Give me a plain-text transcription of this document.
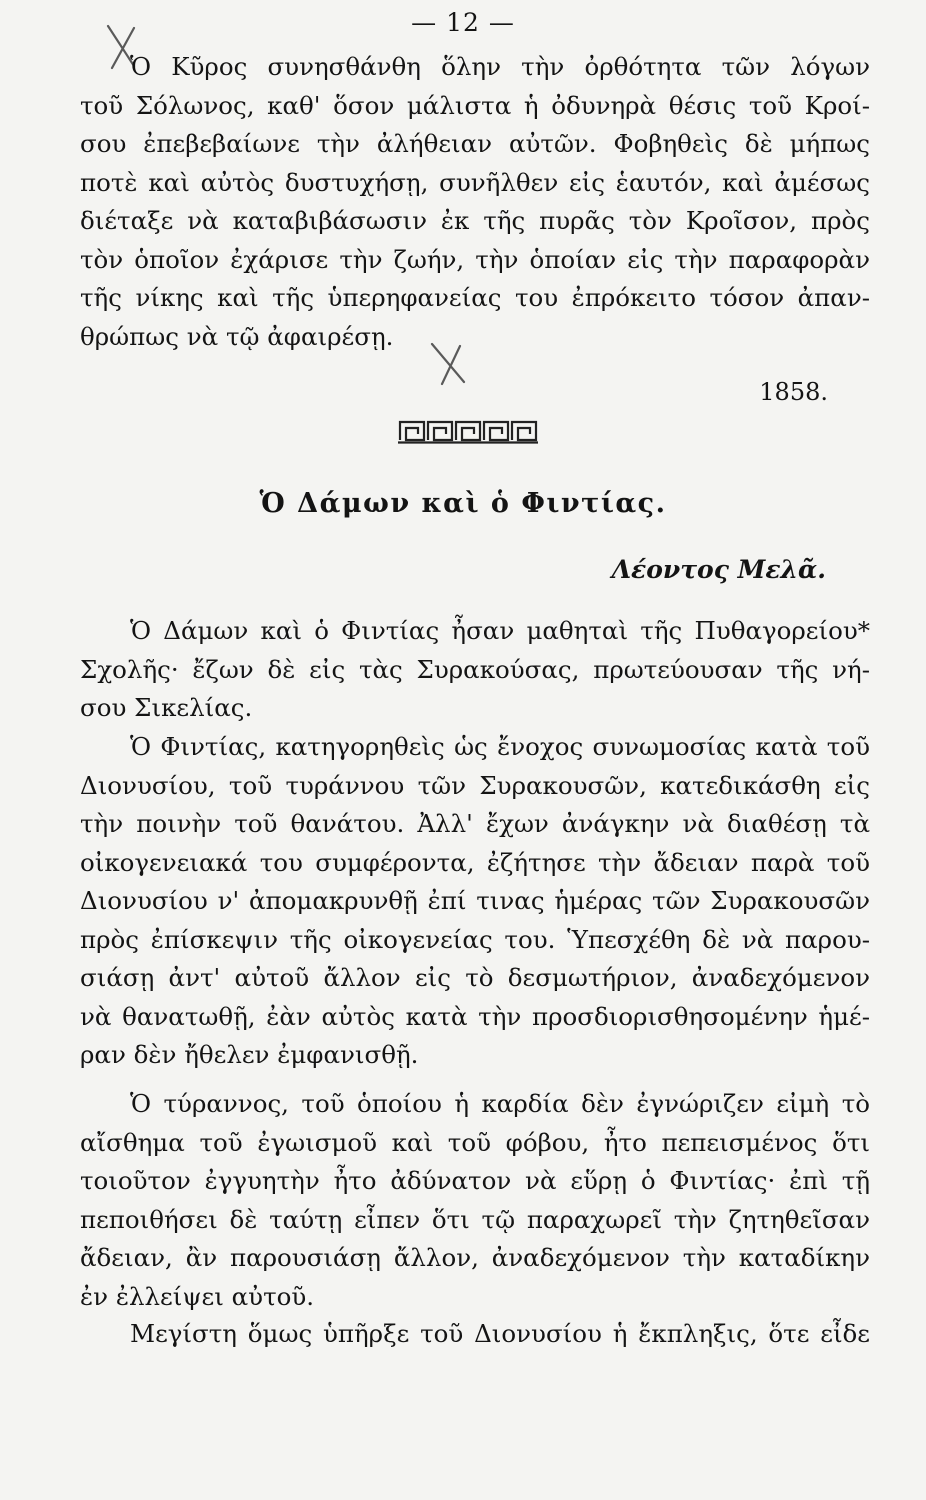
— 12 —
Ὁ Κῦρος συνησθάνθη ὅλην τὴν ὀρθότητα τῶν λόγων
τοῦ Σόλωνος, καθ' ὅσον μάλιστα ἡ ὀδυνηρὰ θέσις τοῦ Κροί-
σου ἐπεβεβαίωνε τὴν ἀλήθειαν αὐτῶν. Φοβηθεὶς δὲ μήπως
ποτὲ καὶ αὐτὸς δυστυχήσῃ, συνῆλθεν εἰς ἑαυτόν, καὶ ἀμέσως
διέταξε νὰ καταβιβάσωσιν ἐκ τῆς πυρᾶς τὸν Κροῖσον, πρὸς
τὸν ὁποῖον ἐχάρισε τὴν ζωήν, τὴν ὁποίαν εἰς τὴν παραφορὰν
τῆς νίκης καὶ τῆς ὑπερηφανείας του ἐπρόκειτο τόσον ἀπαν-
θρώπως νὰ τῷ ἀφαιρέσῃ.
1858.
Ὁ Δάμων καὶ ὁ Φιντίας.
Λέοντος Μελᾶ.
Ὁ Δάμων καὶ ὁ Φιντίας ἦσαν μαθηταὶ τῆς Πυθαγορείου*
Σχολῆς· ἔζων δὲ εἰς τὰς Συρακούσας, πρωτεύουσαν τῆς νή-
σου Σικελίας.
Ὁ Φιντίας, κατηγορηθεὶς ὡς ἔνοχος συνωμοσίας κατὰ τοῦ
Διονυσίου, τοῦ τυράννου τῶν Συρακουσῶν, κατεδικάσθη εἰς
τὴν ποινὴν τοῦ θανάτου. Ἀλλ' ἔχων ἀνάγκην νὰ διαθέσῃ τὰ
οἰκογενειακά του συμφέροντα, ἐζήτησε τὴν ἄδειαν παρὰ τοῦ
Διονυσίου ν' ἀπομακρυνθῇ ἐπί τινας ἡμέρας τῶν Συρακουσῶν
πρὸς ἐπίσκεψιν τῆς οἰκογενείας του. Ὑπεσχέθη δὲ νὰ παρου-
σιάσῃ ἀντ' αὐτοῦ ἄλλον εἰς τὸ δεσμωτήριον, ἀναδεχόμενον
νὰ θανατωθῇ, ἐὰν αὐτὸς κατὰ τὴν προσδιορισθησομένην ἡμέ-
ραν δὲν ἤθελεν ἐμφανισθῇ.
Ὁ τύραννος, τοῦ ὁποίου ἡ καρδία δὲν ἐγνώριζεν εἰμὴ τὸ
αἴσθημα τοῦ ἐγωισμοῦ καὶ τοῦ φόβου, ἦτο πεπεισμένος ὅτι
τοιοῦτον ἐγγυητὴν ἦτο ἀδύνατον νὰ εὕρῃ ὁ Φιντίας· ἐπὶ τῇ
πεποιθήσει δὲ ταύτῃ εἶπεν ὅτι τῷ παραχωρεῖ τὴν ζητηθεῖσαν
ἄδειαν, ἂν παρουσιάσῃ ἄλλον, ἀναδεχόμενον τὴν καταδίκην
ἐν ἐλλείψει αὐτοῦ.
Μεγίστη ὅμως ὑπῆρξε τοῦ Διονυσίου ἡ ἔκπληξις, ὅτε εἶδε
